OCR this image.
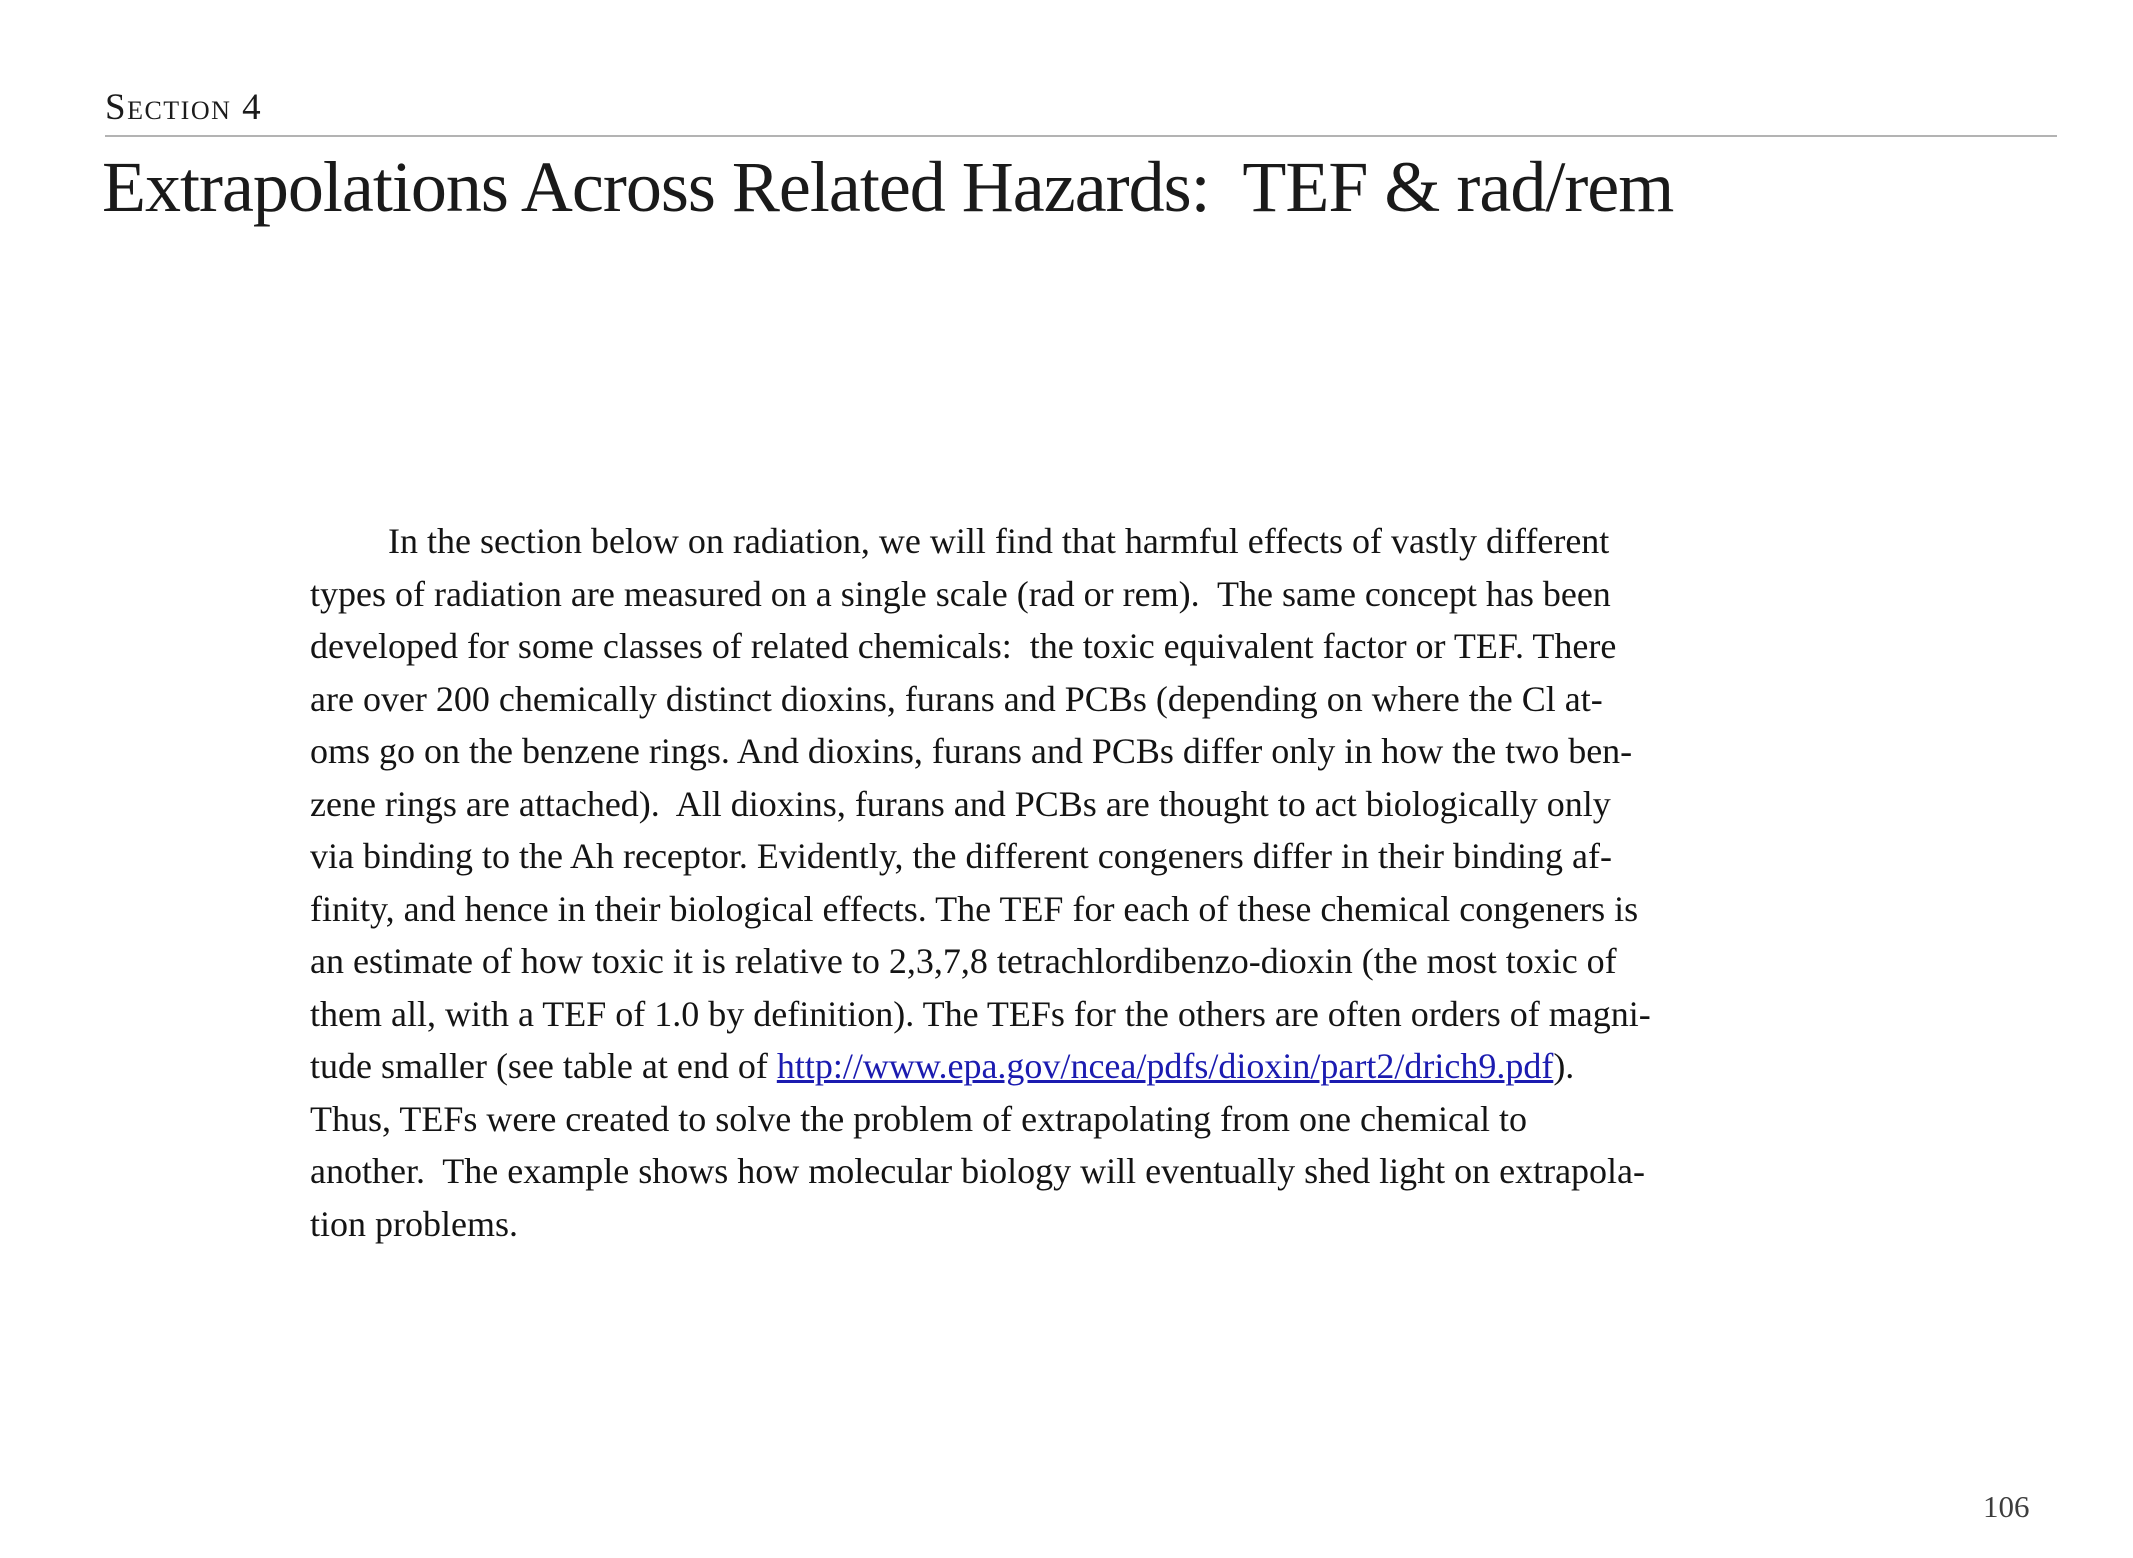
Section 4
Extrapolations Across Related Hazards:  TEF & rad/rem
In the section below on radiation, we will find that harmful effects of vastly different
types of radiation are measured on a single scale (rad or rem).  The same concept has been
developed for some classes of related chemicals:  the toxic equivalent factor or TEF. There
are over 200 chemically distinct dioxins, furans and PCBs (depending on where the Cl at-
oms go on the benzene rings. And dioxins, furans and PCBs differ only in how the two ben-
zene rings are attached).  All dioxins, furans and PCBs are thought to act biologically only
via binding to the Ah receptor. Evidently, the different congeners differ in their binding af-
finity, and hence in their biological effects. The TEF for each of these chemical congeners is
an estimate of how toxic it is relative to 2,3,7,8 tetrachlordibenzo-dioxin (the most toxic of
them all, with a TEF of 1.0 by definition). The TEFs for the others are often orders of magni-
tude smaller (see table at end of http://www.epa.gov/ncea/pdfs/dioxin/part2/drich9.pdf).
Thus, TEFs were created to solve the problem of extrapolating from one chemical to
another.  The example shows how molecular biology will eventually shed light on extrapola-
tion problems.
106
